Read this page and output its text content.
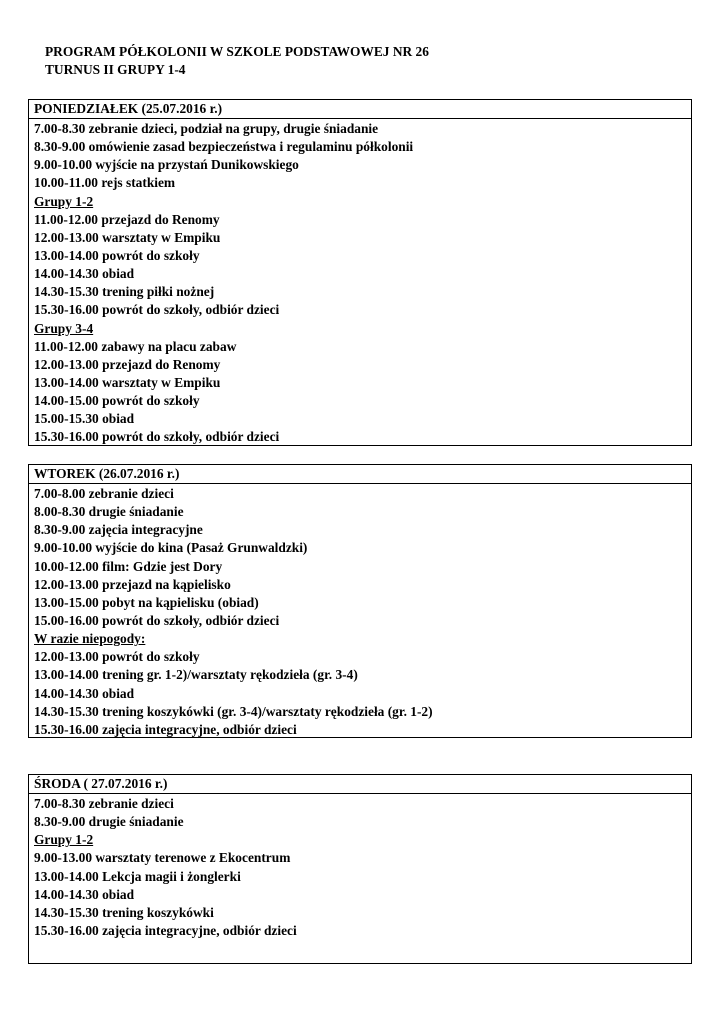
PROGRAM PÓŁKOLONII W SZKOLE PODSTAWOWEJ NR 26
TURNUS II GRUPY 1-4
PONIEDZIAŁEK (25.07.2016 r.)
7.00-8.30 zebranie dzieci, podział na grupy, drugie śniadanie
8.30-9.00 omówienie zasad bezpieczeństwa i regulaminu półkolonii
9.00-10.00 wyjście na przystań Dunikowskiego
10.00-11.00 rejs statkiem
Grupy 1-2
11.00-12.00 przejazd do Renomy
12.00-13.00 warsztaty w Empiku
13.00-14.00 powrót do szkoły
14.00-14.30 obiad
14.30-15.30 trening piłki nożnej
15.30-16.00 powrót do szkoły, odbiór dzieci
Grupy 3-4
11.00-12.00 zabawy na placu zabaw
12.00-13.00 przejazd do Renomy
13.00-14.00 warsztaty w Empiku
14.00-15.00 powrót do szkoły
15.00-15.30 obiad
15.30-16.00 powrót do szkoły, odbiór dzieci
WTOREK (26.07.2016 r.)
7.00-8.00 zebranie dzieci
8.00-8.30 drugie śniadanie
8.30-9.00 zajęcia integracyjne
9.00-10.00 wyjście do kina (Pasaż Grunwaldzki)
10.00-12.00 film: Gdzie jest Dory
12.00-13.00 przejazd na kąpielisko
13.00-15.00 pobyt na kąpielisku (obiad)
15.00-16.00 powrót do szkoły, odbiór dzieci
W razie niepogody:
12.00-13.00 powrót do szkoły
13.00-14.00 trening gr. 1-2)/warsztaty rękodzieła (gr. 3-4)
14.00-14.30 obiad
14.30-15.30 trening koszykówki (gr. 3-4)/warsztaty rękodzieła (gr. 1-2)
15.30-16.00 zajęcia integracyjne, odbiór dzieci
ŚRODA ( 27.07.2016 r.)
7.00-8.30 zebranie dzieci
8.30-9.00 drugie śniadanie
Grupy 1-2
9.00-13.00 warsztaty terenowe z Ekocentrum
13.00-14.00 Lekcja magii i żonglerki
14.00-14.30 obiad
14.30-15.30 trening koszykówki
15.30-16.00 zajęcia integracyjne, odbiór dzieci
